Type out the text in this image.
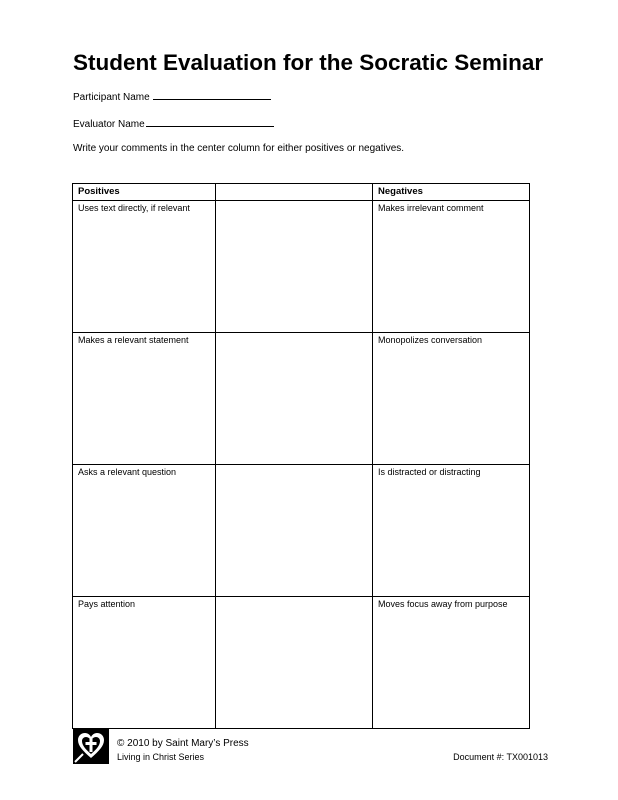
Student Evaluation for the Socratic Seminar
Participant Name
Evaluator Name
Write your comments in the center column for either positives or negatives.
Positives		Negatives
Uses text directly, if relevant		Makes irrelevant comment
Makes a relevant statement		Monopolizes conversation
Asks a relevant question		Is distracted or distracting
Pays attention		Moves focus away from purpose
© 2010 by Saint Mary’s Press
Living in Christ Series	Document #: TX001013
